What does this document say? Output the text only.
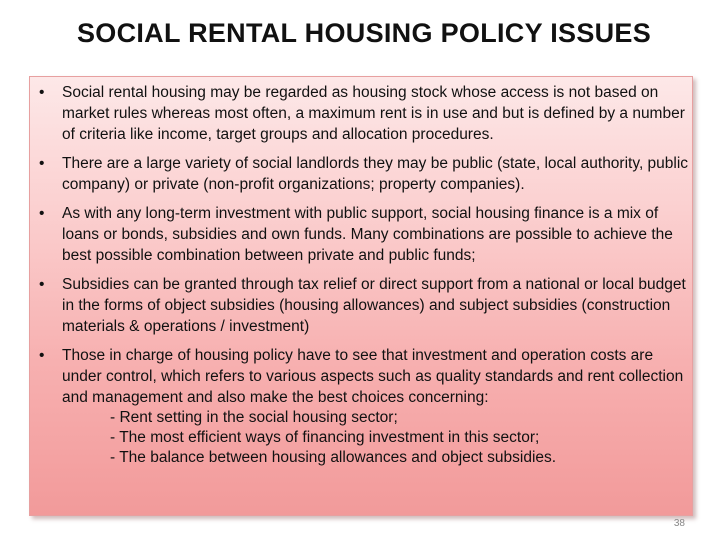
SOCIAL RENTAL HOUSING POLICY ISSUES
• Social rental housing may be regarded as housing stock whose access is not based on market rules whereas most often, a maximum rent is in use and but is defined by a number of criteria like income, target groups and allocation procedures.
• There are a large variety of social landlords they may be public (state, local authority, public company) or private (non-profit organizations; property companies).
• As with any long-term investment with public support, social housing finance is a mix of loans or bonds, subsidies and own funds. Many combinations are possible to achieve the best possible combination between private and public funds;
• Subsidies can be granted through tax relief or direct support from a national or local budget in the forms of object subsidies (housing allowances) and subject subsidies (construction materials & operations / investment)
• Those in charge of housing policy have to see that investment and operation costs are under control, which refers to various aspects such as quality standards and rent collection and management and also make the best choices concerning:
- Rent setting in the social housing sector;
- The most efficient ways of financing investment in this sector;
- The balance between housing allowances and object subsidies.
38
